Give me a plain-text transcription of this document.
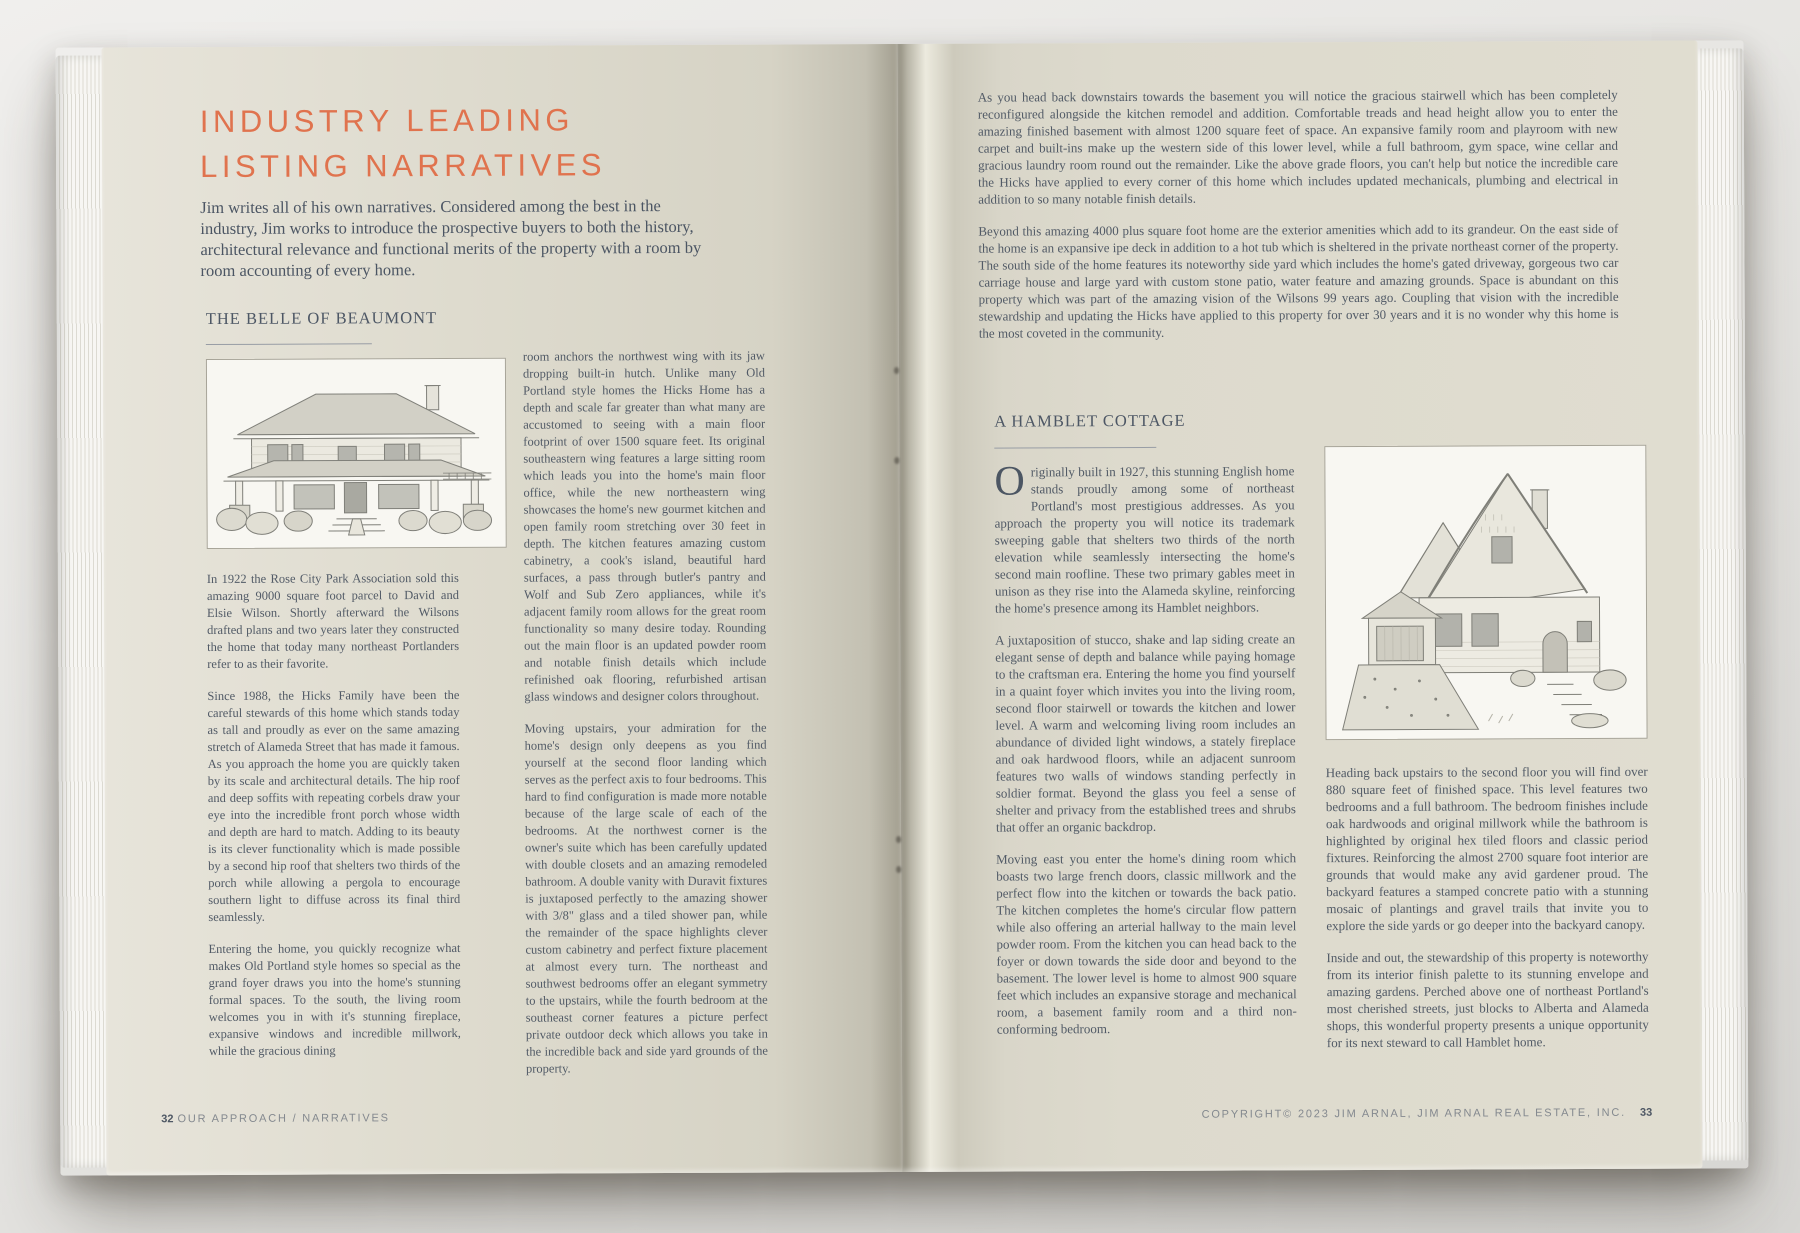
INDUSTRY LEADING
LISTING NARRATIVES
Jim writes all of his own narratives. Considered among the best in the industry, Jim works to introduce the prospective buyers to both the history, architectural relevance and functional merits of the property with a room by room accounting of every home.
THE BELLE OF BEAUMONT

In 1922 the Rose City Park Association sold this amazing 9000 square foot parcel to David and Elsie Wilson. Shortly afterward the Wilsons drafted plans and two years later they constructed the home that today many northeast Portlanders refer to as their favorite.

Since 1988, the Hicks Family have been the careful stewards of this home which stands today as tall and proudly as ever on the same amazing stretch of Alameda Street that has made it famous. As you approach the home you are quickly taken by its scale and architectural details. The hip roof and deep soffits with repeating corbels draw your eye into the incredible front porch whose width and depth are hard to match. Adding to its beauty is its clever functionality which is made possible by a second hip roof that shelters two thirds of the porch while allowing a pergola to encourage southern light to diffuse across its final third seamlessly.

Entering the home, you quickly recognize what makes Old Portland style homes so special as the grand foyer draws you into the home's stunning formal spaces. To the south, the living room welcomes you in with it's stunning fireplace, expansive windows and incredible millwork, while the gracious dining

room anchors the northwest wing with its jaw dropping built-in hutch. Unlike many Old Portland style homes the Hicks Home has a depth and scale far greater than what many are accustomed to seeing with a main floor footprint of over 1500 square feet. Its original southeastern wing features a large sitting room which leads you into the home's main floor office, while the new northeastern wing showcases the home's new gourmet kitchen and open family room stretching over 30 feet in depth. The kitchen features amazing custom cabinetry, a cook's island, beautiful hard surfaces, a pass through butler's pantry and Wolf and Sub Zero appliances, while it's adjacent family room allows for the great room functionality so many desire today. Rounding out the main floor is an updated powder room and notable finish details which include refinished oak flooring, refurbished artisan glass windows and designer colors throughout.

Moving upstairs, your admiration for the home's design only deepens as you find yourself at the second floor landing which serves as the perfect axis to four bedrooms. This hard to find configuration is made more notable because of the large scale of each of the bedrooms. At the northwest corner is the owner's suite which has been carefully updated with double closets and an amazing remodeled bathroom. A double vanity with Duravit fixtures is juxtaposed perfectly to the amazing shower with 3/8" glass and a tiled shower pan, while the remainder of the space highlights clever custom cabinetry and perfect fixture placement at almost every turn. The northeast and southwest bedrooms offer an elegant symmetry to the upstairs, while the fourth bedroom at the southeast corner features a picture perfect private outdoor deck which allows you take in the incredible back and side yard grounds of the property.

32 OUR APPROACH / NARRATIVES

As you head back downstairs towards the basement you will notice the gracious stairwell which has been completely reconfigured alongside the kitchen remodel and addition. Comfortable treads and head height allow you to enter the amazing finished basement with almost 1200 square feet of space. An expansive family room and playroom with new carpet and built-ins make up the western side of this lower level, while a full bathroom, gym space, wine cellar and gracious laundry room round out the remainder. Like the above grade floors, you can't help but notice the incredible care the Hicks have applied to every corner of this home which includes updated mechanicals, plumbing and electrical in addition to so many notable finish details.

Beyond this amazing 4000 plus square foot home are the exterior amenities which add to its grandeur. On the east side of the home is an expansive ipe deck in addition to a hot tub which is sheltered in the private northeast corner of the property. The south side of the home features its noteworthy side yard which includes the home's gated driveway, gorgeous two car carriage house and large yard with custom stone patio, water feature and amazing grounds. Space is abundant on this property which was part of the amazing vision of the Wilsons 99 years ago. Coupling that vision with the incredible stewardship and updating the Hicks have applied to this property for over 30 years and it is no wonder why this home is the most coveted in the community.

A HAMBLET COTTAGE

Originally built in 1927, this stunning English home stands proudly among some of northeast Portland's most prestigious addresses. As you approach the property you will notice its trademark sweeping gable that shelters two thirds of the north elevation while seamlessly intersecting the home's second main roofline. These two primary gables meet in unison as they rise into the Alameda skyline, reinforcing the home's presence among its Hamblet neighbors.

A juxtaposition of stucco, shake and lap siding create an elegant sense of depth and balance while paying homage to the craftsman era. Entering the home you find yourself in a quaint foyer which invites you into the living room, second floor stairwell or towards the kitchen and lower level. A warm and welcoming living room includes an abundance of divided light windows, a stately fireplace and oak hardwood floors, while an adjacent sunroom features two walls of windows standing perfectly in soldier format. Beyond the glass you feel a sense of shelter and privacy from the established trees and shrubs that offer an organic backdrop.

Moving east you enter the home's dining room which boasts two large french doors, classic millwork and the perfect flow into the kitchen or towards the back patio. The kitchen completes the home's circular flow pattern while also offering an arterial hallway to the main level powder room. From the kitchen you can head back to the foyer or down towards the side door and beyond to the basement. The lower level is home to almost 900 square feet which includes an expansive storage and mechanical room, a basement family room and a third non-conforming bedroom.

Heading back upstairs to the second floor you will find over 880 square feet of finished space. This level features two bedrooms and a full bathroom. The bedroom finishes include oak hardwoods and original millwork while the bathroom is highlighted by original hex tiled floors and classic period fixtures. Reinforcing the almost 2700 square foot interior are grounds that would make any avid gardener proud. The backyard features a stamped concrete patio with a stunning mosaic of plantings and gravel trails that invite you to explore the side yards or go deeper into the backyard canopy.

Inside and out, the stewardship of this property is noteworthy from its interior finish palette to its stunning envelope and amazing gardens. Perched above one of northeast Portland's most cherished streets, just blocks to Alberta and Alameda shops, this wonderful property presents a unique opportunity for its next steward to call Hamblet home.

COPYRIGHT© 2023 JIM ARNAL, JIM ARNAL REAL ESTATE, INC. 33
